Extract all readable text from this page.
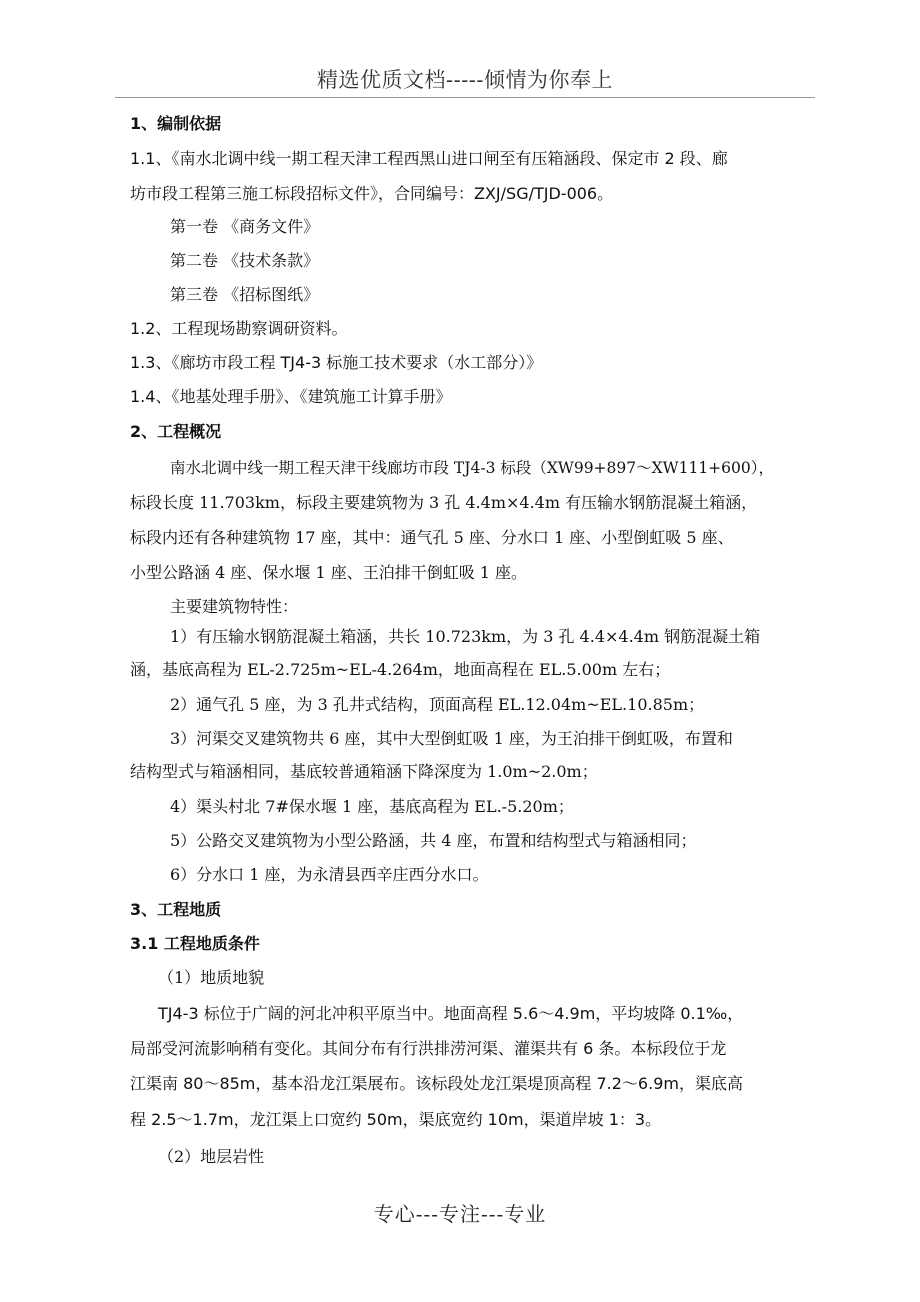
精选优质文档-----倾情为你奉上
1、编制依据
1.1、《南水北调中线一期工程天津工程西黑山进口闸至有压箱涵段、保定市 2 段、廊
坊市段工程第三施工标段招标文件》，合同编号：ZXJ/SG/TJD-006。
第一卷 《商务文件》
第二卷 《技术条款》
第三卷 《招标图纸》
1.2、工程现场勘察调研资料。
1.3、《廊坊市段工程 TJ4-3 标施工技术要求（水工部分）》
1.4、《地基处理手册》、《建筑施工计算手册》
2、工程概况
南水北调中线一期工程天津干线廊坊市段 TJ4-3 标段（XW99+897～XW111+600），
标段长度 11.703km，标段主要建筑物为 3 孔 4.4m×4.4m 有压输水钢筋混凝土箱涵，
标段内还有各种建筑物 17 座，其中：通气孔 5 座、分水口 1 座、小型倒虹吸 5 座、
小型公路涵 4 座、保水堰 1 座、王泊排干倒虹吸 1 座。
主要建筑物特性：
1）有压输水钢筋混凝土箱涵，共长 10.723km，为 3 孔 4.4×4.4m 钢筋混凝土箱
涵，基底高程为 EL-2.725m~EL-4.264m，地面高程在 EL.5.00m 左右；
2）通气孔 5 座，为 3 孔井式结构，顶面高程 EL.12.04m~EL.10.85m；
3）河渠交叉建筑物共 6 座，其中大型倒虹吸 1 座，为王泊排干倒虹吸，布置和
结构型式与箱涵相同，基底较普通箱涵下降深度为 1.0m~2.0m；
4）渠头村北 7#保水堰 1 座，基底高程为 EL.-5.20m；
5）公路交叉建筑物为小型公路涵，共 4 座，布置和结构型式与箱涵相同；
6）分水口 1 座，为永清县西辛庄西分水口。
3、工程地质
3.1 工程地质条件
（1）地质地貌
TJ4-3 标位于广阔的河北冲积平原当中。地面高程 5.6～4.9m，平均坡降 0.1‰，
局部受河流影响稍有变化。其间分布有行洪排涝河渠、灌渠共有 6 条。本标段位于龙
江渠南 80～85m，基本沿龙江渠展布。该标段处龙江渠堤顶高程 7.2～6.9m，渠底高
程 2.5～1.7m，龙江渠上口宽约 50m，渠底宽约 10m，渠道岸坡 1：3。
（2）地层岩性
专心---专注---专业
